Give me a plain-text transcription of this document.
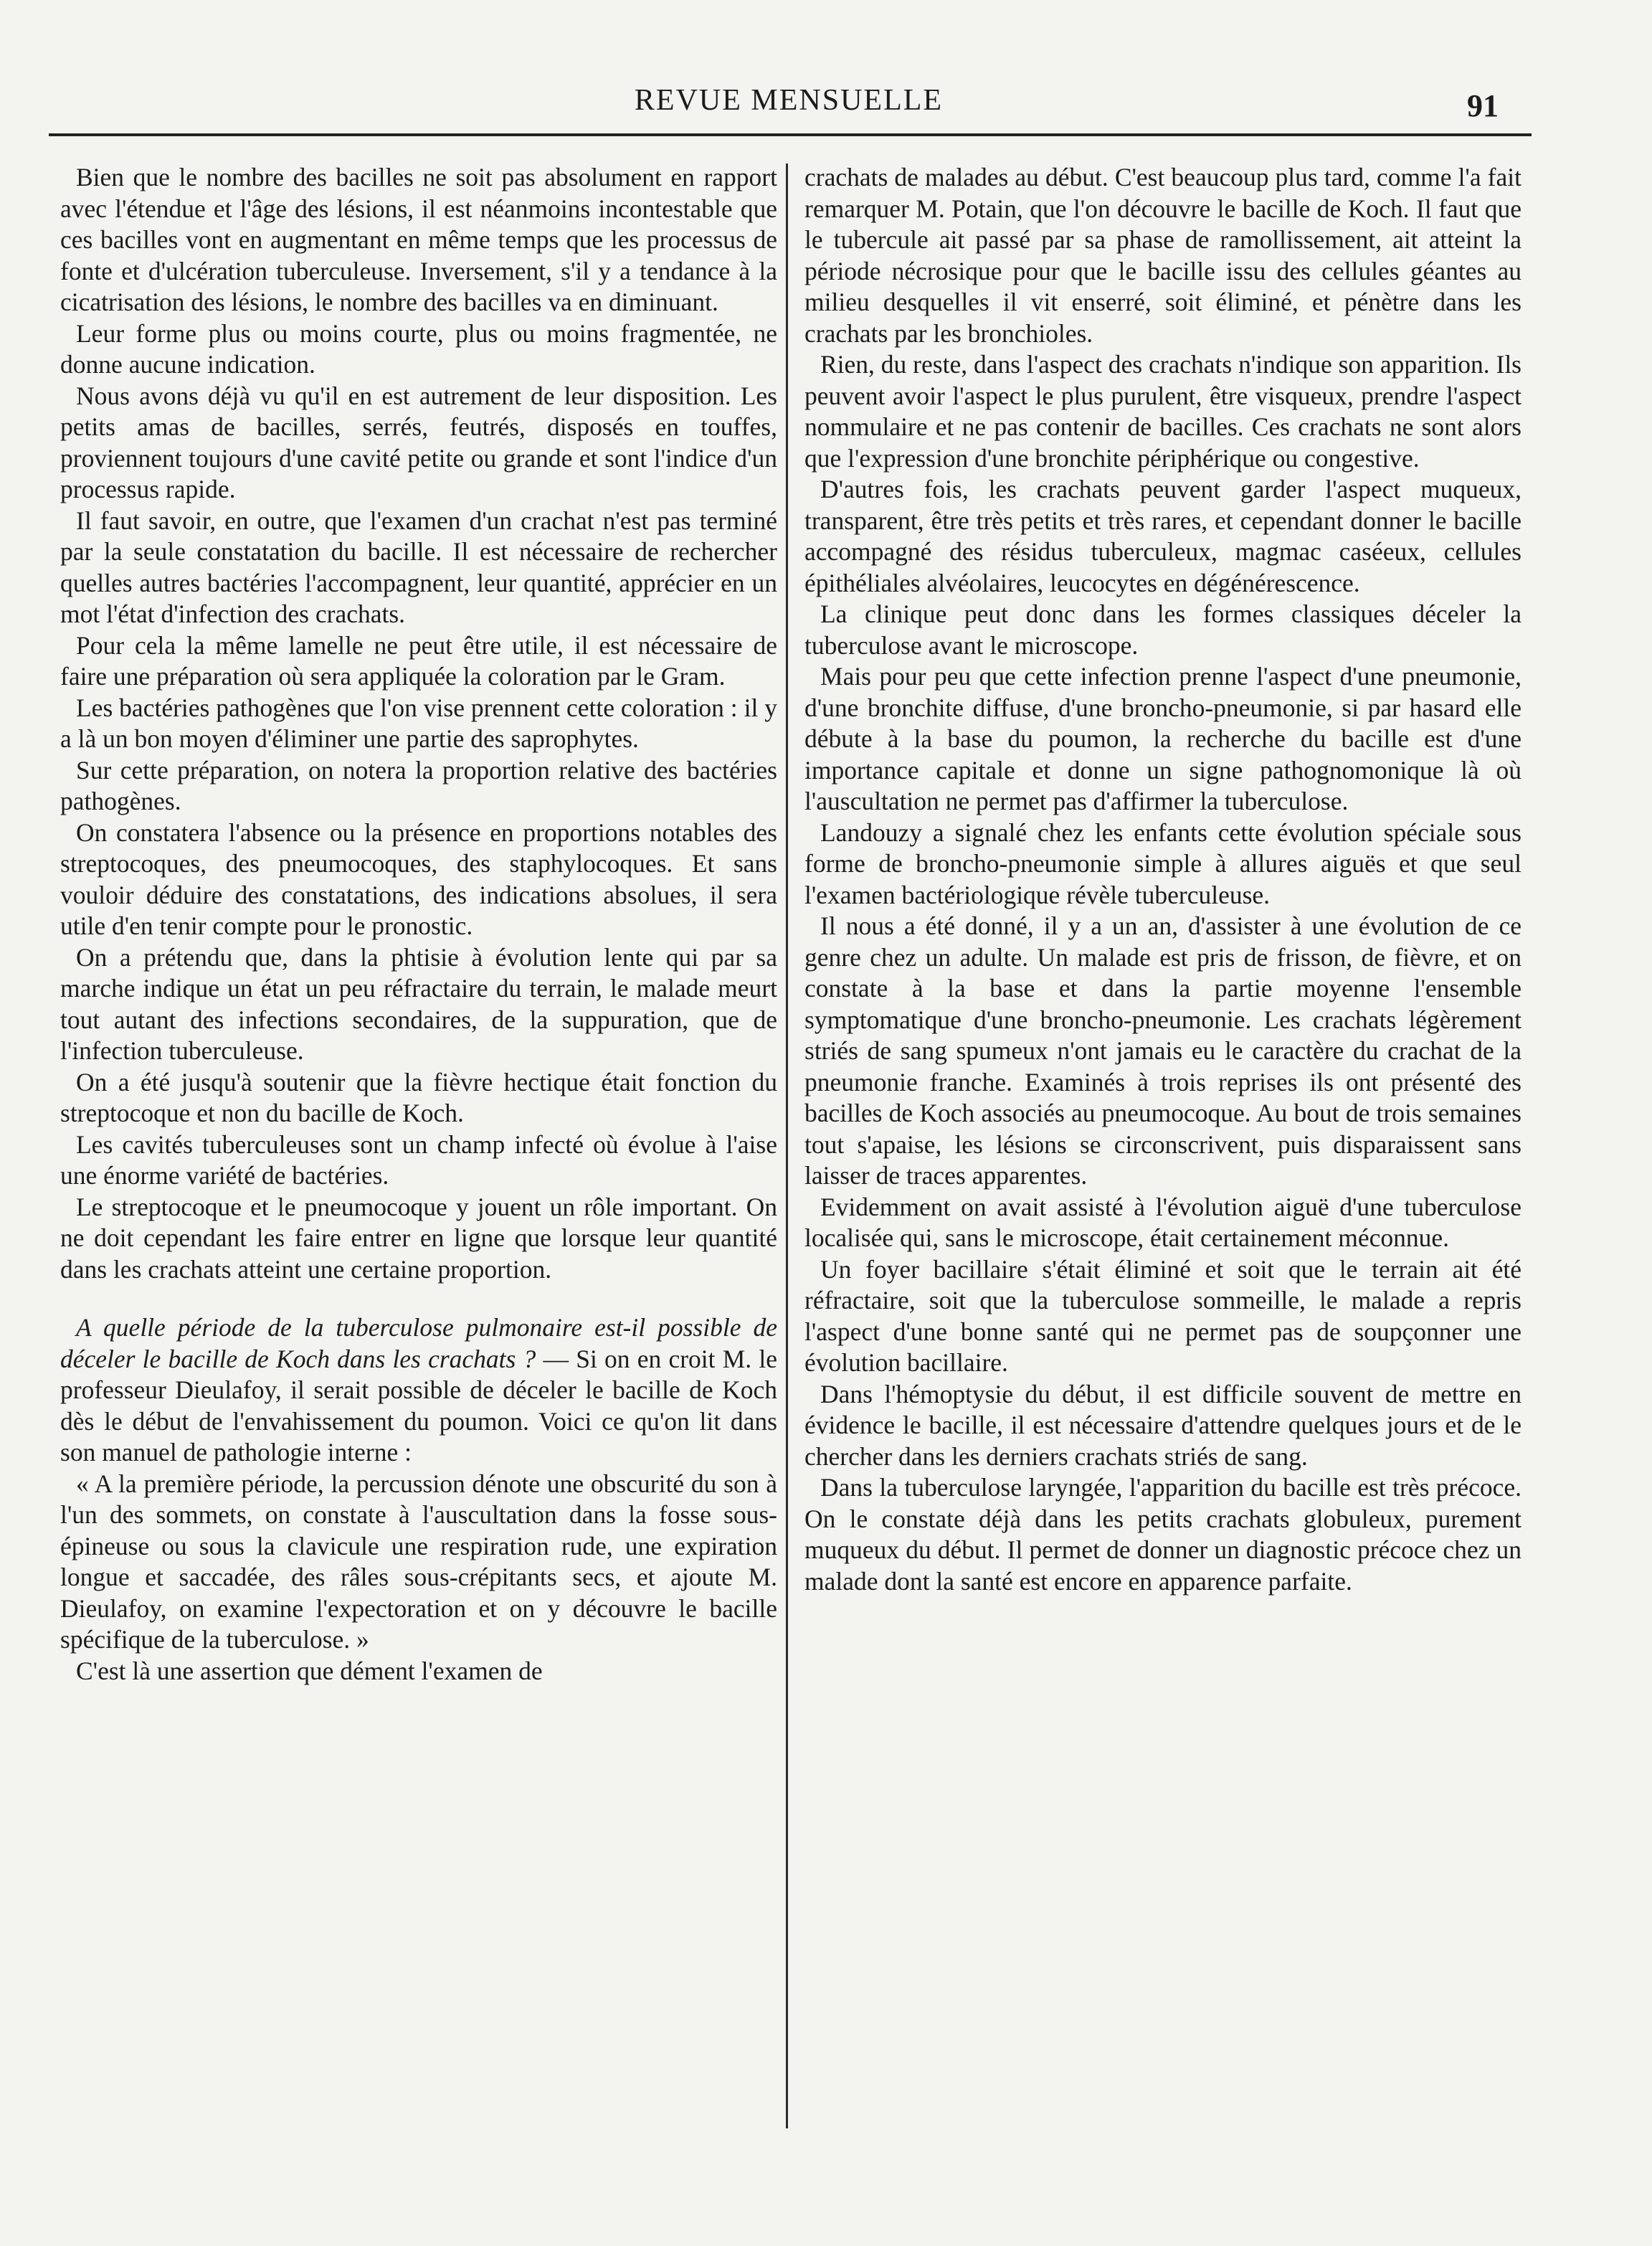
REVUE MENSUELLE	91

Bien que le nombre des bacilles ne soit pas absolument en rapport avec l'étendue et l'âge des lésions, il est néanmoins incontestable que ces bacilles vont en augmentant en même temps que les processus de fonte et d'ulcération tuberculeuse. Inversement, s'il y a tendance à la cicatrisation des lésions, le nombre des bacilles va en diminuant.

Leur forme plus ou moins courte, plus ou moins fragmentée, ne donne aucune indication.

Nous avons déjà vu qu'il en est autrement de leur disposition. Les petits amas de bacilles, serrés, feutrés, disposés en touffes, proviennent toujours d'une cavité petite ou grande et sont l'indice d'un processus rapide.

Il faut savoir, en outre, que l'examen d'un crachat n'est pas terminé par la seule constatation du bacille. Il est nécessaire de rechercher quelles autres bactéries l'accompagnent, leur quantité, apprécier en un mot l'état d'infection des crachats.

Pour cela la même lamelle ne peut être utile, il est nécessaire de faire une préparation où sera appliquée la coloration par le Gram.

Les bactéries pathogènes que l'on vise prennent cette coloration : il y a là un bon moyen d'éliminer une partie des saprophytes.

Sur cette préparation, on notera la proportion relative des bactéries pathogènes.

On constatera l'absence ou la présence en proportions notables des streptocoques, des pneumocoques, des staphylocoques. Et sans vouloir déduire des constatations, des indications absolues, il sera utile d'en tenir compte pour le pronostic.

On a prétendu que, dans la phtisie à évolution lente qui par sa marche indique un état un peu réfractaire du terrain, le malade meurt tout autant des infections secondaires, de la suppuration, que de l'infection tuberculeuse.

On a été jusqu'à soutenir que la fièvre hectique était fonction du streptocoque et non du bacille de Koch.

Les cavités tuberculeuses sont un champ infecté où évolue à l'aise une énorme variété de bactéries.

Le streptocoque et le pneumocoque y jouent un rôle important. On ne doit cependant les faire entrer en ligne que lorsque leur quantité dans les crachats atteint une certaine proportion.

A quelle période de la tuberculose pulmonaire est-il possible de déceler le bacille de Koch dans les crachats ? — Si on en croit M. le professeur Dieulafoy, il serait possible de déceler le bacille de Koch dès le début de l'envahissement du poumon. Voici ce qu'on lit dans son manuel de pathologie interne :

« A la première période, la percussion dénote une obscurité du son à l'un des sommets, on constate à l'auscultation dans la fosse sous-épineuse ou sous la clavicule une respiration rude, une expiration longue et saccadée, des râles sous-crépitants secs, et ajoute M. Dieulafoy, on examine l'expectoration et on y découvre le bacille spécifique de la tuberculose. »

C'est là une assertion que dément l'examen de

crachats de malades au début. C'est beaucoup plus tard, comme l'a fait remarquer M. Potain, que l'on découvre le bacille de Koch. Il faut que le tubercule ait passé par sa phase de ramollissement, ait atteint la période nécrosique pour que le bacille issu des cellules géantes au milieu desquelles il vit enserré, soit éliminé, et pénètre dans les crachats par les bronchioles.

Rien, du reste, dans l'aspect des crachats n'indique son apparition. Ils peuvent avoir l'aspect le plus purulent, être visqueux, prendre l'aspect nommulaire et ne pas contenir de bacilles. Ces crachats ne sont alors que l'expression d'une bronchite périphérique ou congestive.

D'autres fois, les crachats peuvent garder l'aspect muqueux, transparent, être très petits et très rares, et cependant donner le bacille accompagné des résidus tuberculeux, magmac caséeux, cellules épithéliales alvéolaires, leucocytes en dégénérescence.

La clinique peut donc dans les formes classiques déceler la tuberculose avant le microscope.

Mais pour peu que cette infection prenne l'aspect d'une pneumonie, d'une bronchite diffuse, d'une broncho-pneumonie, si par hasard elle débute à la base du poumon, la recherche du bacille est d'une importance capitale et donne un signe pathognomonique là où l'auscultation ne permet pas d'affirmer la tuberculose.

Landouzy a signalé chez les enfants cette évolution spéciale sous forme de broncho-pneumonie simple à allures aiguës et que seul l'examen bactériologique révèle tuberculeuse.

Il nous a été donné, il y a un an, d'assister à une évolution de ce genre chez un adulte. Un malade est pris de frisson, de fièvre, et on constate à la base et dans la partie moyenne l'ensemble symptomatique d'une broncho-pneumonie. Les crachats légèrement striés de sang spumeux n'ont jamais eu le caractère du crachat de la pneumonie franche. Examinés à trois reprises ils ont présenté des bacilles de Koch associés au pneumocoque. Au bout de trois semaines tout s'apaise, les lésions se circonscrivent, puis disparaissent sans laisser de traces apparentes.

Evidemment on avait assisté à l'évolution aiguë d'une tuberculose localisée qui, sans le microscope, était certainement méconnue.

Un foyer bacillaire s'était éliminé et soit que le terrain ait été réfractaire, soit que la tuberculose sommeille, le malade a repris l'aspect d'une bonne santé qui ne permet pas de soupçonner une évolution bacillaire.

Dans l'hémoptysie du début, il est difficile souvent de mettre en évidence le bacille, il est nécessaire d'attendre quelques jours et de le chercher dans les derniers crachats striés de sang.

Dans la tuberculose laryngée, l'apparition du bacille est très précoce. On le constate déjà dans les petits crachats globuleux, purement muqueux du début. Il permet de donner un diagnostic précoce chez un malade dont la santé est encore en apparence parfaite.
